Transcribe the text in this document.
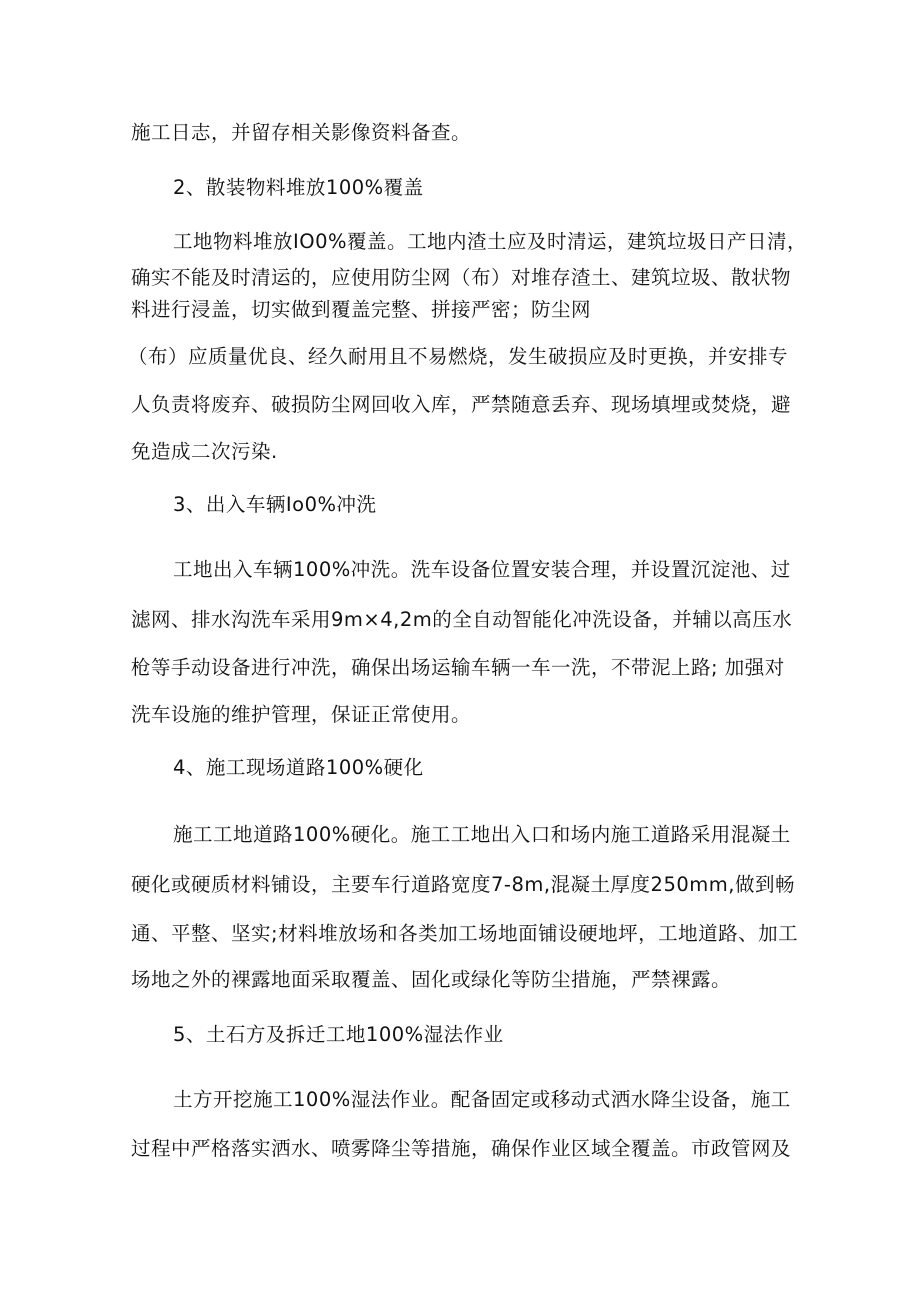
施工日志，并留存相关影像资料备查。
2、散装物料堆放100%覆盖
工地物料堆放IO0%覆盖。工地内渣土应及时清运，建筑垃圾日产日清，
确实不能及时清运的，应使用防尘网（布）对堆存渣土、建筑垃圾、散状物
料进行浸盖，切实做到覆盖完整、拼接严密；防尘网
（布）应质量优良、经久耐用且不易燃烧，发生破损应及时更换，并安排专
人负责将废弃、破损防尘网回收入库，严禁随意丢弃、现场填埋或焚烧，避
免造成二次污染.
3、出入车辆Io0%冲洗
工地出入车辆100%冲洗。洗车设备位置安装合理，并设置沉淀池、过
滤网、排水沟洗车采用9m×4,2m的全自动智能化冲洗设备，并辅以高压水
枪等手动设备进行冲洗，确保出场运输车辆一车一洗，不带泥上路; 加强对
洗车设施的维护管理，保证正常使用。
4、施工现场道路100%硬化
施工工地道路100%硬化。施工工地出入口和场内施工道路采用混凝土
硬化或硬质材料铺设，主要车行道路宽度7-8m,混凝土厚度250mm,做到畅
通、平整、坚实;材料堆放场和各类加工场地面铺设硬地坪，工地道路、加工
场地之外的裸露地面采取覆盖、固化或绿化等防尘措施，严禁裸露。
5、土石方及拆迁工地100%湿法作业
土方开挖施工100%湿法作业。配备固定或移动式洒水降尘设备，施工
过程中严格落实洒水、喷雾降尘等措施，确保作业区域全覆盖。市政管网及
